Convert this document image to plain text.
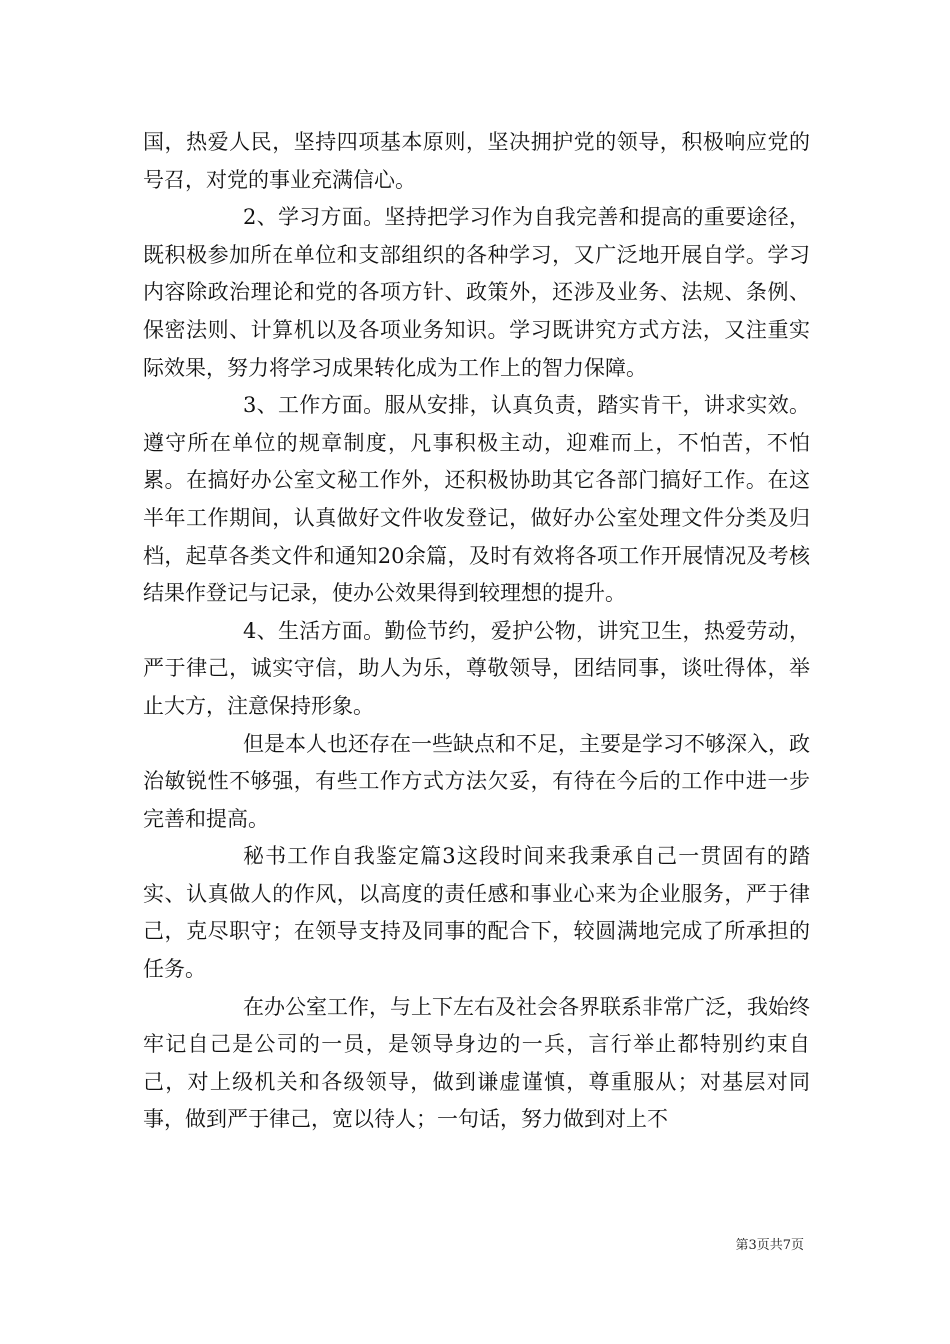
国，热爱人民，坚持四项基本原则，坚决拥护党的领导，积极响应党的号召，对党的事业充满信心。

2、学习方面。坚持把学习作为自我完善和提高的重要途径，既积极参加所在单位和支部组织的各种学习，又广泛地开展自学。学习内容除政治理论和党的各项方针、政策外，还涉及业务、法规、条例、保密法则、计算机以及各项业务知识。学习既讲究方式方法，又注重实际效果，努力将学习成果转化成为工作上的智力保障。

3、工作方面。服从安排，认真负责，踏实肯干，讲求实效。遵守所在单位的规章制度，凡事积极主动，迎难而上，不怕苦，不怕累。在搞好办公室文秘工作外，还积极协助其它各部门搞好工作。在这半年工作期间，认真做好文件收发登记，做好办公室处理文件分类及归档，起草各类文件和通知20余篇，及时有效将各项工作开展情况及考核结果作登记与记录，使办公效果得到较理想的提升。

4、生活方面。勤俭节约，爱护公物，讲究卫生，热爱劳动，严于律己，诚实守信，助人为乐，尊敬领导，团结同事，谈吐得体，举止大方，注意保持形象。

但是本人也还存在一些缺点和不足，主要是学习不够深入，政治敏锐性不够强，有些工作方式方法欠妥，有待在今后的工作中进一步完善和提高。

秘书工作自我鉴定篇3这段时间来我秉承自己一贯固有的踏实、认真做人的作风，以高度的责任感和事业心来为企业服务，严于律己，克尽职守；在领导支持及同事的配合下，较圆满地完成了所承担的任务。

在办公室工作，与上下左右及社会各界联系非常广泛，我始终牢记自己是公司的一员，是领导身边的一兵，言行举止都特别约束自己，对上级机关和各级领导，做到谦虚谨慎，尊重服从；对基层对同事，做到严于律己，宽以待人；一句话，努力做到对上不

第3页共7页
